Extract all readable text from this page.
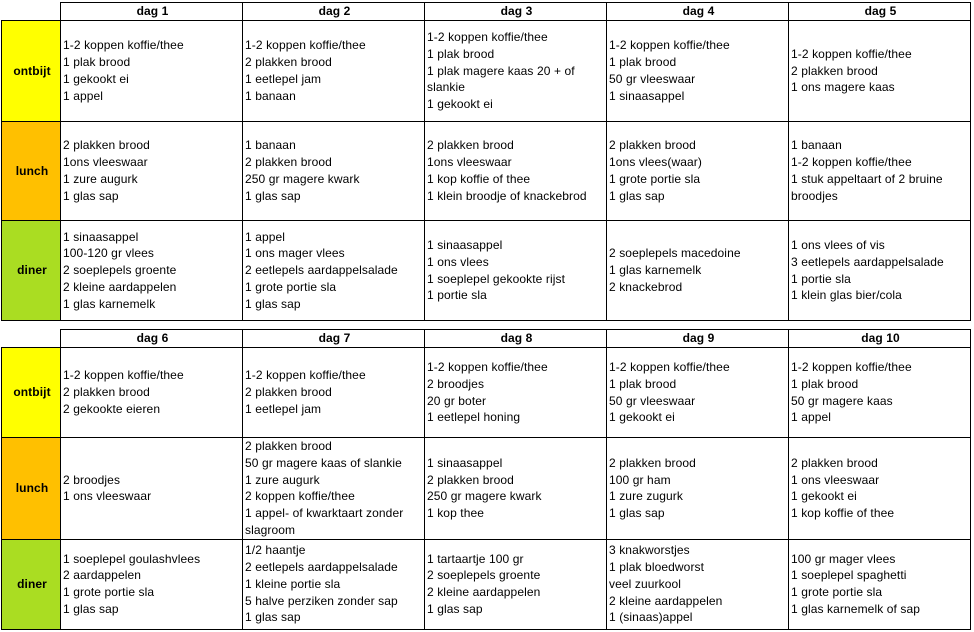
	dag 1	dag 2	dag 3	dag 4	dag 5
ontbijt	1-2 koppen koffie/thee
1 plak brood
1 gekookt ei
1 appel	1-2 koppen koffie/thee
2 plakken brood
1 eetlepel jam
1 banaan	1-2 koppen koffie/thee
1 plak brood
1 plak magere kaas 20 + of slankie
1 gekookt ei	1-2 koppen koffie/thee
1 plak brood
50 gr vleeswaar
1 sinaasappel	1-2 koppen koffie/thee
2 plakken brood
1 ons magere kaas

lunch	2 plakken brood
1ons vleeswaar
1 zure augurk
1 glas sap	1 banaan
2 plakken brood
250 gr magere kwark
1 glas sap	2 plakken brood
1ons vleeswaar
1 kop koffie of thee
1 klein broodje of knackebrod	2 plakken brood
1ons vlees(waar)
1 grote portie sla
1 glas sap	1 banaan
1-2 koppen koffie/thee
1 stuk appeltaart of 2 bruine broodjes

diner	1 sinaasappel
100-120 gr vlees
2 soeplepels groente
2 kleine aardappelen
1 glas karnemelk	1 appel
1 ons mager vlees
2 eetlepels aardappelsalade
1 grote portie sla
1 glas sap	1 sinaasappel
1 ons vlees
1 soeplepel gekookte rijst
1 portie sla	2 soeplepels macedoine
1 glas karnemelk
2 knackebrod	1 ons vlees of vis
3 eetlepels aardappelsalade
1 portie sla
1 klein glas bier/cola
	dag 6	dag 7	dag 8	dag 9	dag 10
ontbijt	1-2 koppen koffie/thee
2 plakken brood
2 gekookte eieren	1-2 koppen koffie/thee
2 plakken brood
1 eetlepel jam	1-2 koppen koffie/thee
2 broodjes
20 gr boter
1 eetlepel honing	1-2 koppen koffie/thee
1 plak brood
50 gr vleeswaar
1 gekookt ei	1-2 koppen koffie/thee
1 plak brood
50 gr magere kaas
1 appel

lunch	2 broodjes
1 ons vleeswaar	2 plakken brood
50 gr magere kaas of slankie
1 zure augurk
2 koppen koffie/thee
1 appel- of kwarktaart zonder slagroom	1 sinaasappel
2 plakken brood
250 gr magere kwark
1 kop thee	2 plakken brood
100 gr ham
1 zure zugurk
1 glas sap	2 plakken brood
1 ons vleeswaar
1 gekookt ei
1 kop koffie of thee

diner	1 soeplepel goulashvlees
2 aardappelen
1 grote portie sla
1 glas sap	1/2 haantje
2 eetlepels aardappelsalade
1 kleine portie sla
5 halve perziken zonder sap
1 glas sap	1 tartaartje 100 gr
2 soeplepels groente
2 kleine aardappelen
1 glas sap	3 knakworstjes
1 plak bloedworst
veel zuurkool
2 kleine aardappelen
1 (sinaas)appel	100 gr mager vlees
1 soeplepel spaghetti
1 grote portie sla
1 glas karnemelk of sap
